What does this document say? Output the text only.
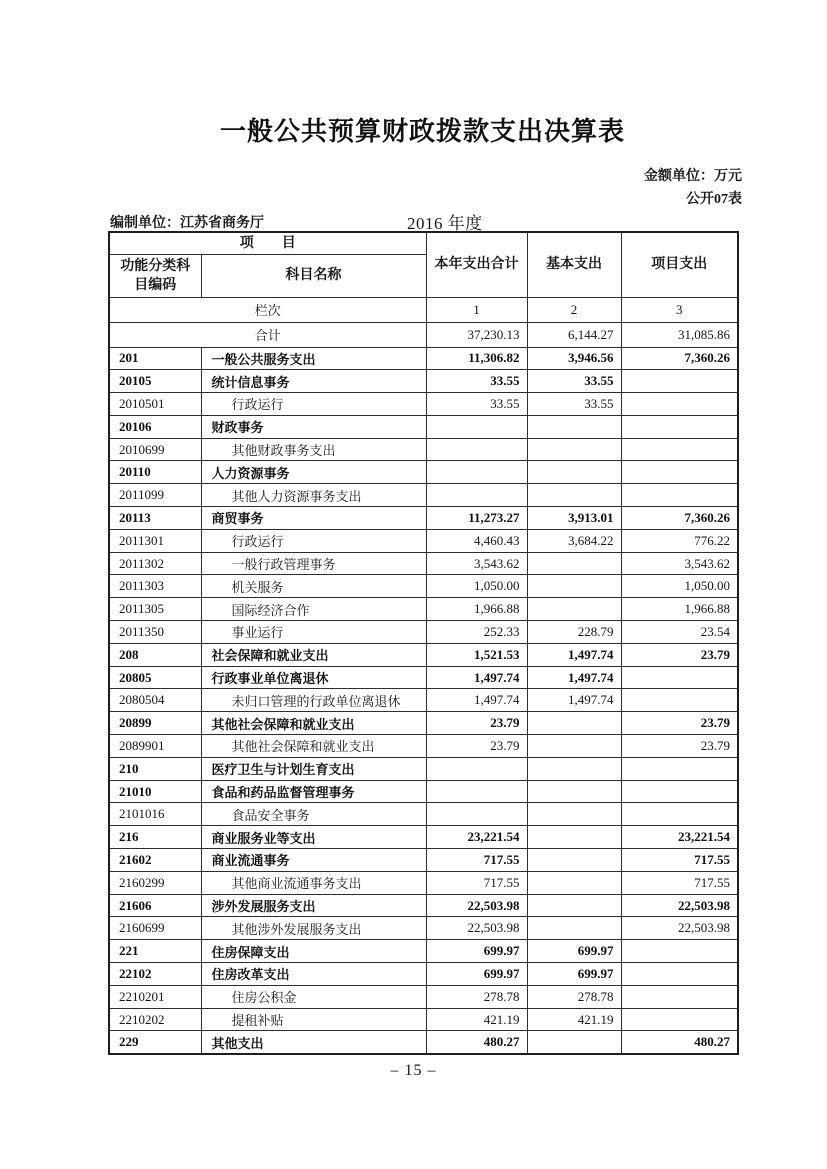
一般公共预算财政拨款支出决算表
金额单位：万元
公开07表
编制单位：江苏省商务厅	2016 年度
项　　目		本年支出合计	基本支出	项目支出
功能分类科目编码	科目名称			
栏次		1	2	3
合计		37,230.13	6,144.27	31,085.86
201	一般公共服务支出	11,306.82	3,946.56	7,360.26
20105	统计信息事务	33.55	33.55	
2010501	行政运行	33.55	33.55	
20106	财政事务			
2010699	其他财政事务支出			
20110	人力资源事务			
2011099	其他人力资源事务支出			
20113	商贸事务	11,273.27	3,913.01	7,360.26
2011301	行政运行	4,460.43	3,684.22	776.22
2011302	一般行政管理事务	3,543.62		3,543.62
2011303	机关服务	1,050.00		1,050.00
2011305	国际经济合作	1,966.88		1,966.88
2011350	事业运行	252.33	228.79	23.54
208	社会保障和就业支出	1,521.53	1,497.74	23.79
20805	行政事业单位离退休	1,497.74	1,497.74	
2080504	未归口管理的行政单位离退休	1,497.74	1,497.74	
20899	其他社会保障和就业支出	23.79		23.79
2089901	其他社会保障和就业支出	23.79		23.79
210	医疗卫生与计划生育支出			
21010	食品和药品监督管理事务			
2101016	食品安全事务			
216	商业服务业等支出	23,221.54		23,221.54
21602	商业流通事务	717.55		717.55
2160299	其他商业流通事务支出	717.55		717.55
21606	涉外发展服务支出	22,503.98		22,503.98
2160699	其他涉外发展服务支出	22,503.98		22,503.98
221	住房保障支出	699.97	699.97	
22102	住房改革支出	699.97	699.97	
2210201	住房公积金	278.78	278.78	
2210202	提租补贴	421.19	421.19	
229	其他支出	480.27		480.27
– 15 –
